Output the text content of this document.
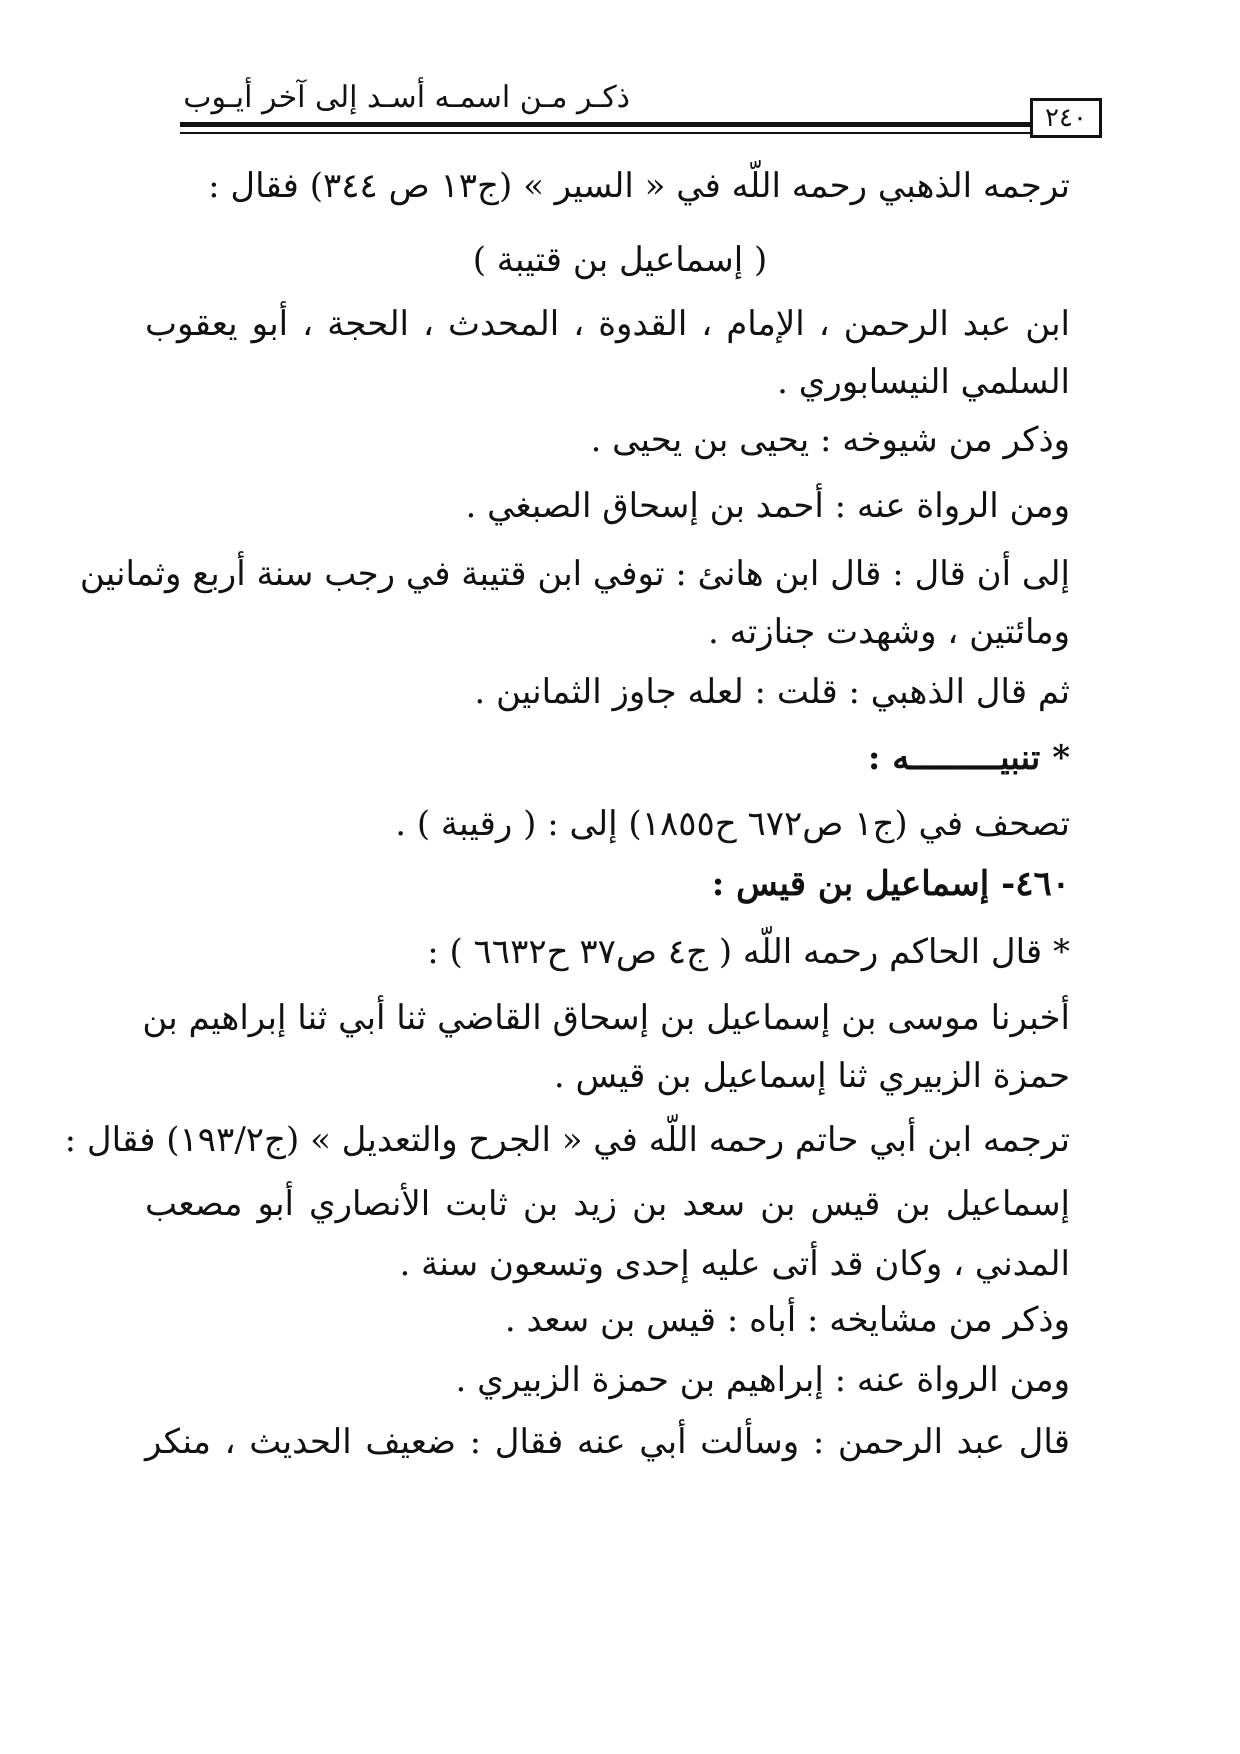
ذكـر مـن اسمـه أسـد إلى آخر أيـوب
٢٤٠
ترجمه الذهبي رحمه اللّه في « السير » (ج١٣ ص ٣٤٤) فقال :
( إسماعيل بن قتيبة )
ابن عبد الرحمن ، الإمام ، القدوة ، المحدث ، الحجة ، أبو يعقوب
السلمي النيسابوري .
وذكر من شيوخه : يحيى بن يحيى .
ومن الرواة عنه : أحمد بن إسحاق الصبغي .
إلى أن قال : قال ابن هانئ : توفي ابن قتيبة في رجب سنة أربع وثمانين
ومائتين ، وشهدت جنازته .
ثم قال الذهبي : قلت : لعله جاوز الثمانين .
* تنبيـــــــــه :
تصحف في (ج١ ص٦٧٢ ح١٨٥٥) إلى : ( رقيبة ) .
٤٦٠- إسماعيل بن قيس :
* قال الحاكم رحمه اللّه ( ج٤ ص٣٧ ح٦٦٣٢ ) :
أخبرنا موسى بن إسماعيل بن إسحاق القاضي ثنا أبي ثنا إبراهيم بن
حمزة الزبيري ثنا إسماعيل بن قيس .
ترجمه ابن أبي حاتم رحمه اللّه في « الجرح والتعديل » (ج١٩٣/٢) فقال :
إسماعيل بن قيس بن سعد بن زيد بن ثابت الأنصاري أبو مصعب
المدني ، وكان قد أتى عليه إحدى وتسعون سنة .
وذكر من مشايخه : أباه : قيس بن سعد .
ومن الرواة عنه : إبراهيم بن حمزة الزبيري .
قال عبد الرحمن : وسألت أبي عنه فقال : ضعيف الحديث ، منكر
